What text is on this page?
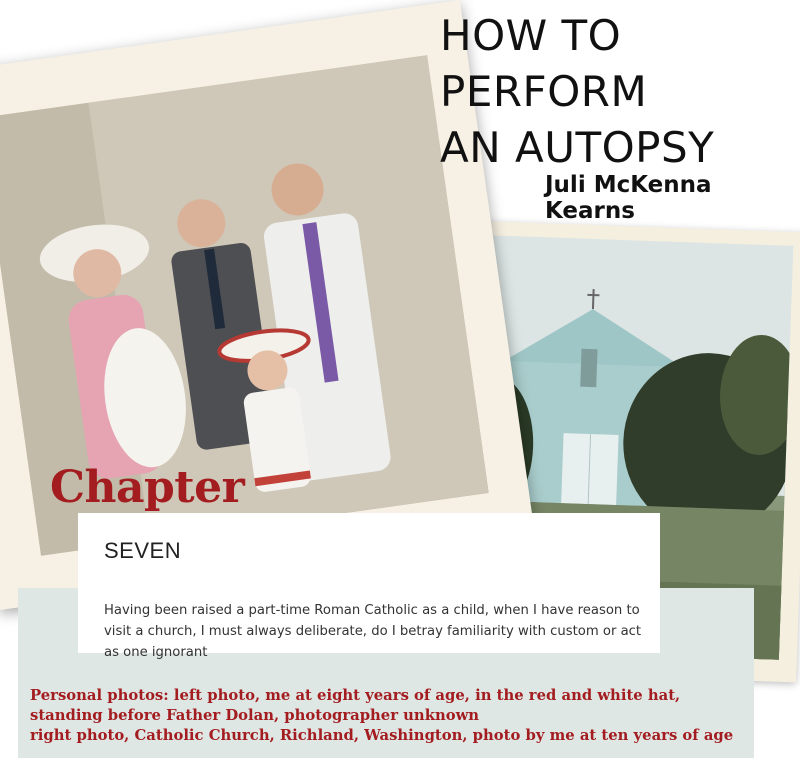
HOW TO
PERFORM
AN AUTOPSY
Juli McKenna Kearns
Chapter
SEVEN
Having been raised a part-time Roman Catholic as a child, when I have reason to visit a church, I must always deliberate, do I betray familiarity with custom or act as one ignorant
Personal photos: left photo, me at eight years of age, in the red and white hat,
standing before Father Dolan, photographer unknown
right photo, Catholic Church, Richland, Washington, photo by me at ten years of age
